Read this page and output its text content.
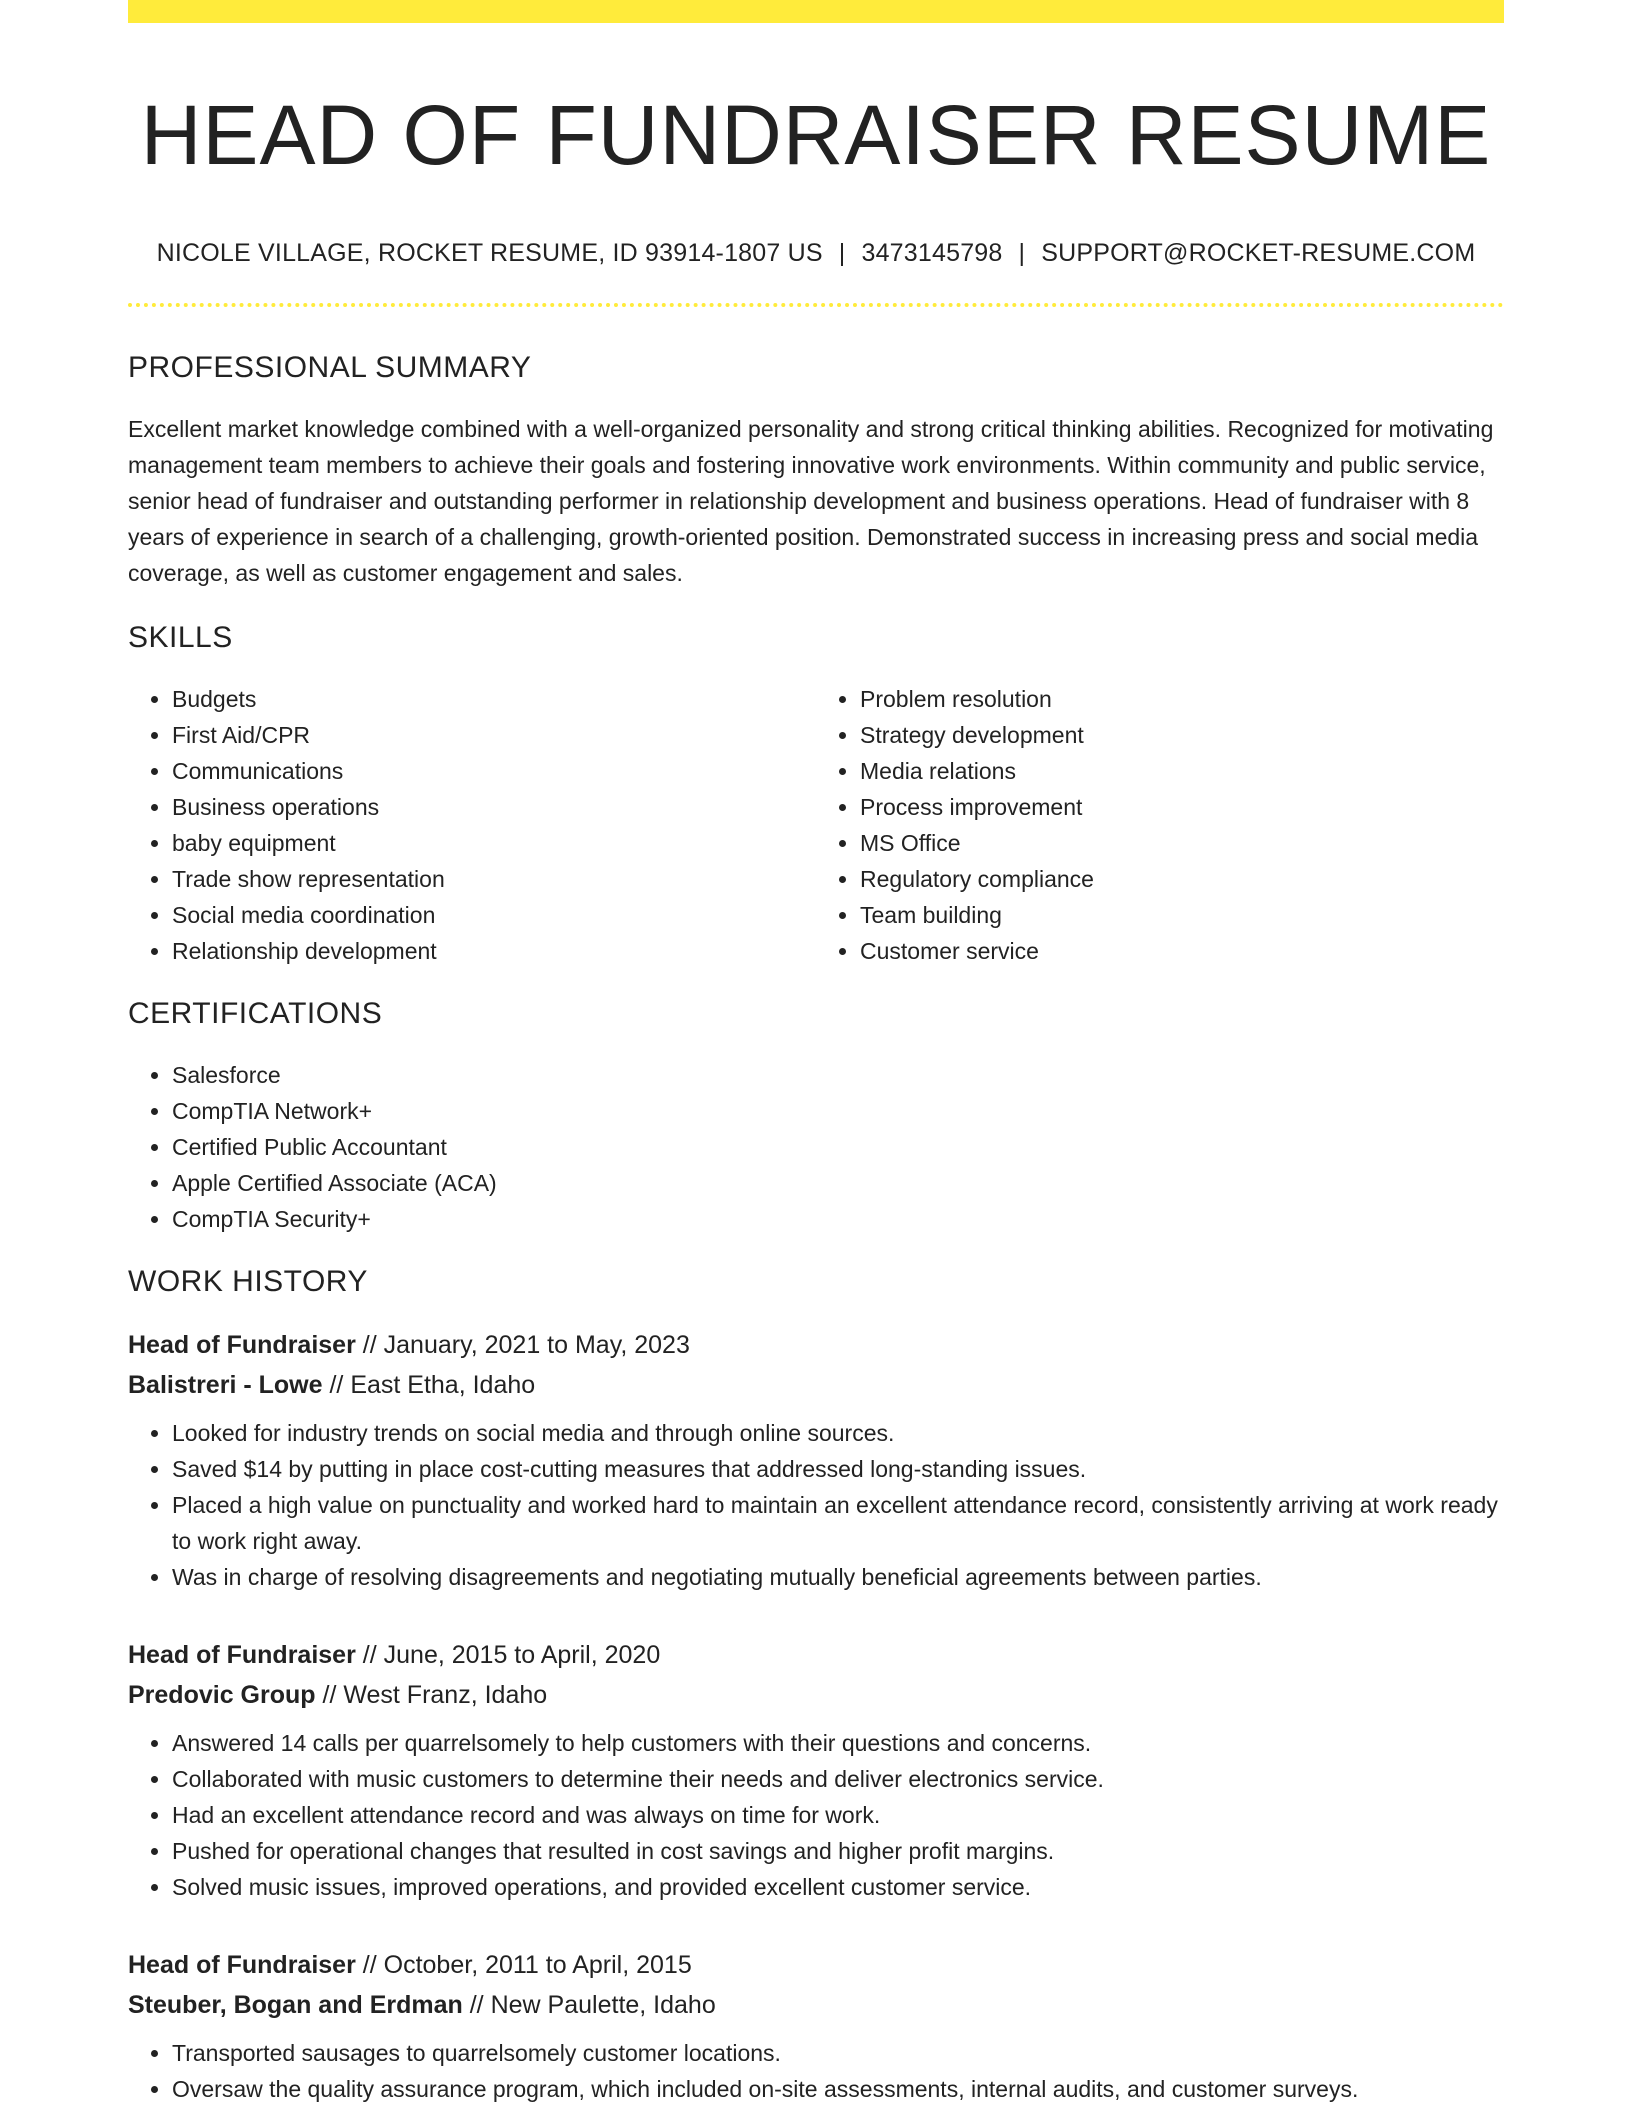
HEAD OF FUNDRAISER RESUME
NICOLE VILLAGE, ROCKET RESUME, ID 93914-1807 US | 3473145798 | SUPPORT@ROCKET-RESUME.COM
PROFESSIONAL SUMMARY

Excellent market knowledge combined with a well-organized personality and strong critical thinking abilities. Recognized for motivating management team members to achieve their goals and fostering innovative work environments. Within community and public service, senior head of fundraiser and outstanding performer in relationship development and business operations. Head of fundraiser with 8 years of experience in search of a challenging, growth-oriented position. Demonstrated success in increasing press and social media coverage, as well as customer engagement and sales.

SKILLS
• Budgets
• First Aid/CPR
• Communications
• Business operations
• baby equipment
• Trade show representation
• Social media coordination
• Relationship development
• Problem resolution
• Strategy development
• Media relations
• Process improvement
• MS Office
• Regulatory compliance
• Team building
• Customer service
CERTIFICATIONS
• Salesforce
• CompTIA Network+
• Certified Public Accountant
• Apple Certified Associate (ACA)
• CompTIA Security+
WORK HISTORY
Head of Fundraiser // January, 2021 to May, 2023
Balistreri - Lowe // East Etha, Idaho
• Looked for industry trends on social media and through online sources.
• Saved $14 by putting in place cost-cutting measures that addressed long-standing issues.
• Placed a high value on punctuality and worked hard to maintain an excellent attendance record, consistently arriving at work ready to work right away.
• Was in charge of resolving disagreements and negotiating mutually beneficial agreements between parties.
Head of Fundraiser // June, 2015 to April, 2020
Predovic Group // West Franz, Idaho
• Answered 14 calls per quarrelsomely to help customers with their questions and concerns.
• Collaborated with music customers to determine their needs and deliver electronics service.
• Had an excellent attendance record and was always on time for work.
• Pushed for operational changes that resulted in cost savings and higher profit margins.
• Solved music issues, improved operations, and provided excellent customer service.
Head of Fundraiser // October, 2011 to April, 2015
Steuber, Bogan and Erdman // New Paulette, Idaho
• Transported sausages to quarrelsomely customer locations.
• Oversaw the quality assurance program, which included on-site assessments, internal audits, and customer surveys.
